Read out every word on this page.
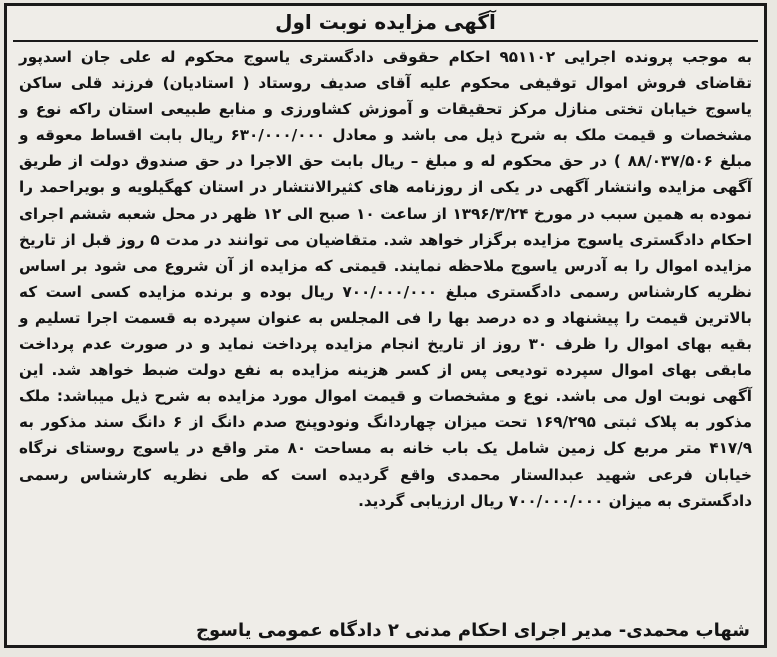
آگهی مزایده نوبت اول

به موجب پرونده اجرایی ۹۵۱۱۰۲ احکام حقوقی دادگستری یاسوج محکوم له علی جان اسدپور تقاضای فروش اموال توقیفی محکوم علیه آقای صدیف روستاد ( استادیان) فرزند قلی ساکن یاسوج خیابان تختی منازل مرکز تحقیقات و آموزش کشاورزی و منابع طبیعی استان راکه نوع و مشخصات و قیمت ملک به شرح ذیل می باشد و معادل ۶۳۰/۰۰۰/۰۰۰ ریال بابت اقساط معوقه و مبلغ ۸۸/۰۳۷/۵۰۶ ) در حق محکوم له و مبلغ – ریال بابت حق الاجرا در حق صندوق دولت از طریق آگهی مزایده وانتشار آگهی در یکی از روزنامه های کثیرالانتشار در استان کهگیلویه و بویراحمد را نموده به همین سبب در مورخ ۱۳۹۶/۳/۲۴ از ساعت ۱۰ صبح الی ۱۲ ظهر در محل شعبه ششم اجرای احکام دادگستری یاسوج مزایده برگزار خواهد شد. متقاضیان می توانند در مدت ۵ روز قبل از تاریخ مزایده اموال را به آدرس یاسوج ملاحظه نمایند. قیمتی که مزایده از آن شروع می شود بر اساس نظریه کارشناس رسمی دادگستری مبلغ ۷۰۰/۰۰۰/۰۰۰ ریال بوده و برنده مزایده کسی است که بالاترین قیمت را پیشنهاد و ده درصد بها را فی المجلس به عنوان سپرده به قسمت اجرا تسلیم و بقیه بهای اموال را ظرف ۳۰ روز از تاریخ انجام مزایده پرداخت نماید و در صورت عدم پرداخت مابقی بهای اموال سپرده تودیعی پس از کسر هزینه مزایده به نفع دولت ضبط خواهد شد. این آگهی نوبت اول می باشد. نوع و مشخصات و قیمت اموال مورد مزایده به شرح ذیل میباشد: ملک مذکور به پلاک ثبتی ۱۶۹/۲۹۵ تحت میزان چهاردانگ ونودوپنج صدم دانگ از ۶ دانگ سند مذکور به ۴۱۷/۹ متر مربع کل زمین شامل یک باب خانه به مساحت ۸۰ متر واقع در یاسوج روستای نرگاه خیابان فرعی شهید عبدالستار محمدی واقع گردیده است که طی نظریه کارشناس رسمی دادگستری به میزان ۷۰۰/۰۰۰/۰۰۰ ریال ارزیابی گردید.

شهاب محمدی- مدیر اجرای احکام مدنی ۲ دادگاه عمومی یاسوج
